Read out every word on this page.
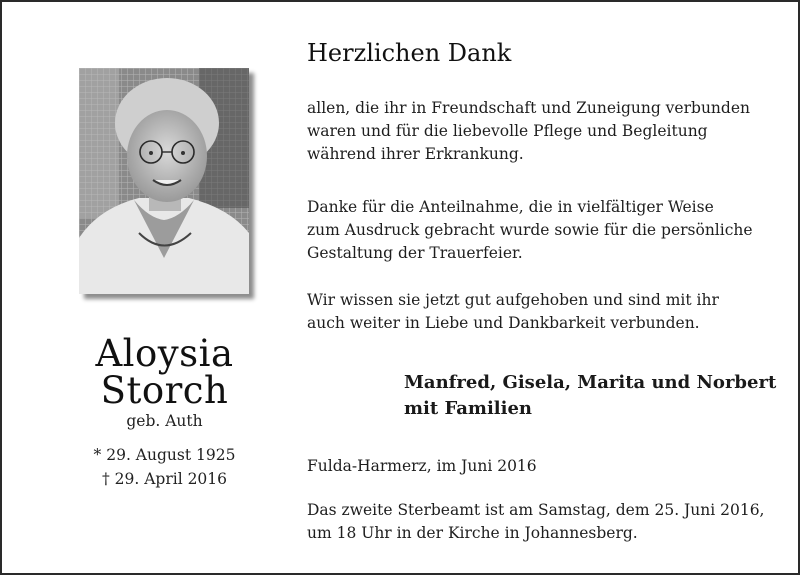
Aloysia
Storch
geb. Auth
* 29. August 1925
† 29. April 2016
Herzlichen Dank
allen, die ihr in Freundschaft und Zuneigung verbunden
waren und für die liebevolle Pflege und Begleitung
während ihrer Erkrankung.
Danke für die Anteilnahme, die in vielfältiger Weise
zum Ausdruck gebracht wurde sowie für die persönliche
Gestaltung der Trauerfeier.
Wir wissen sie jetzt gut aufgehoben und sind mit ihr
auch weiter in Liebe und Dankbarkeit verbunden.
Manfred, Gisela, Marita und Norbert
mit Familien
Fulda-Harmerz, im Juni 2016
Das zweite Sterbeamt ist am Samstag, dem 25. Juni 2016,
um 18 Uhr in der Kirche in Johannesberg.
